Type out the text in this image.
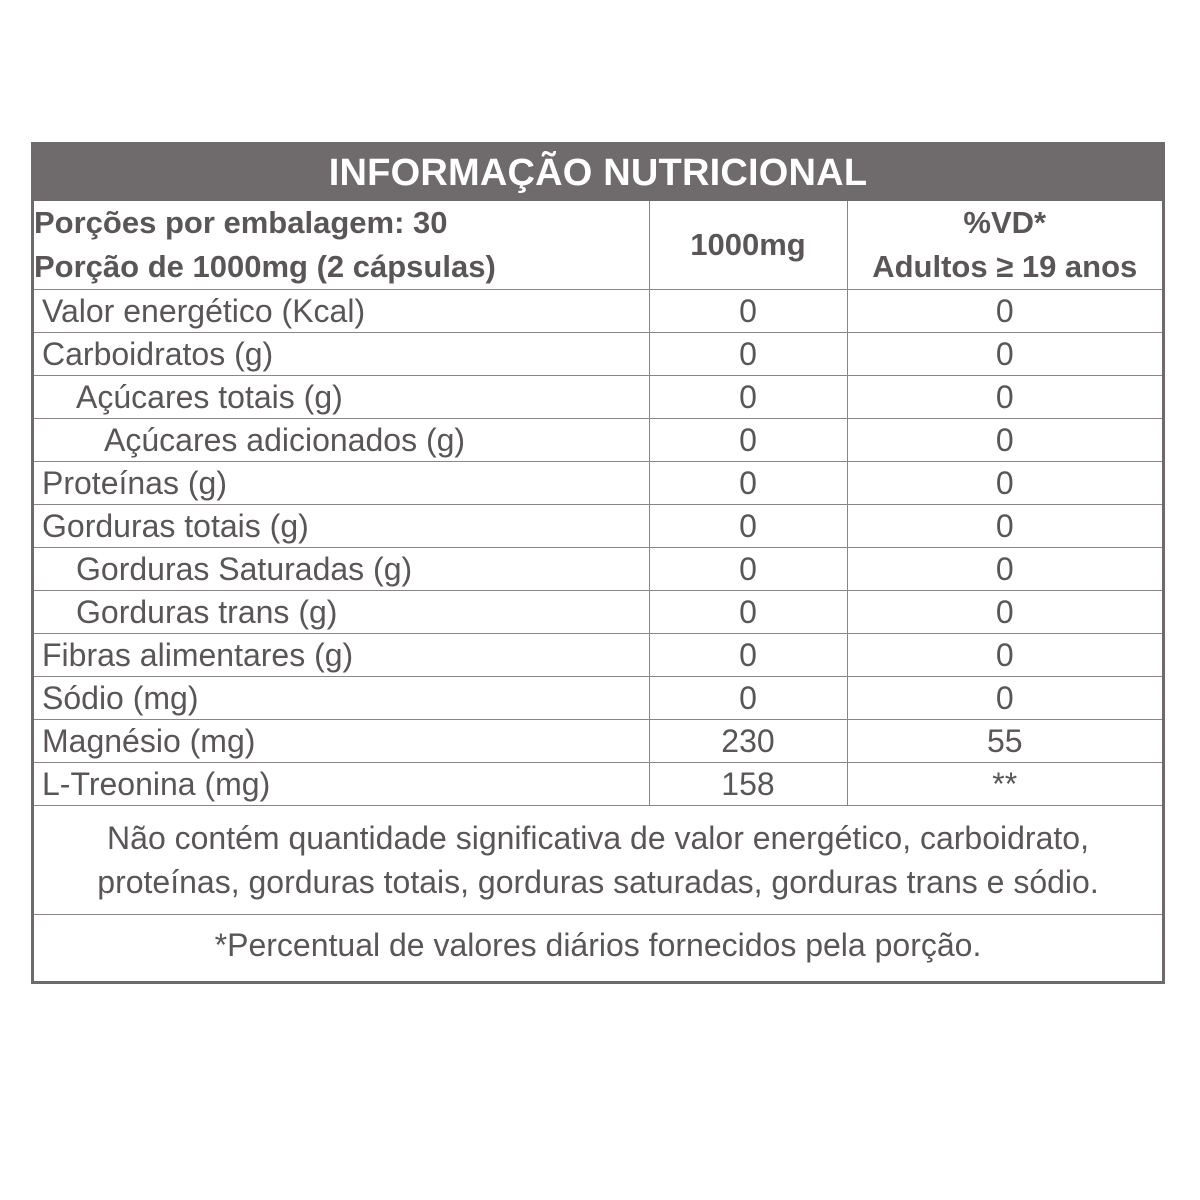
INFORMAÇÃO NUTRICIONAL
Porções por embalagem: 30
Porção de 1000mg (2 cápsulas)	1000mg	%VD*
Adultos ≥ 19 anos

Valor energético (Kcal)	0	0
Carboidratos (g)	0	0
Açúcares totais (g)	0	0
Açúcares adicionados (g)	0	0
Proteínas (g)	0	0
Gorduras totais (g)	0	0
Gorduras Saturadas (g)	0	0
Gorduras trans (g)	0	0
Fibras alimentares (g)	0	0
Sódio (mg)	0	0
Magnésio (mg)	230	55
L-Treonina (mg)	158	**

Não contém quantidade significativa de valor energético, carboidrato,
proteínas, gorduras totais, gorduras saturadas, gorduras trans e sódio.		

*Percentual de valores diários fornecidos pela porção.		
